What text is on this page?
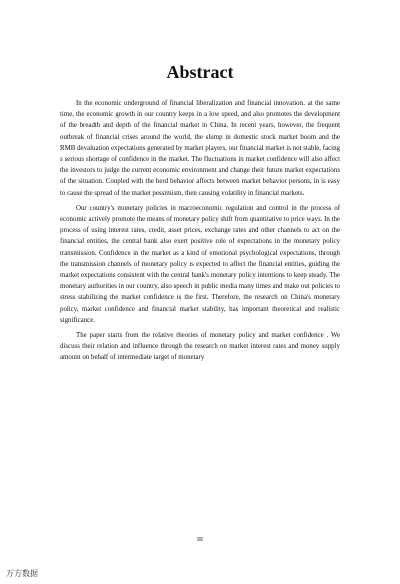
Abstract

In the economic underground of financial liberalization and financial innovation․ at the same time, the economic growth in our country keeps in a low speed, and also promotes the development of the breadth and depth of the financial market in China. In recent years, however, the frequent outbreak of financial crises around the world, the slump in domestic stock market boom and the RMB devaluation expectations generated by market players, our financial market is not stable, facing s serious shortage of confidence in the market. The fluctuations in market confidence will also affect the investors to judge the current economic environment and change their future market expectations of the situation. Coupled with the herd behavior affects between market behavior persons, in is easy to cause the spread of the market pessimism, then causing volatility in financial markets.

Our country's monetary policies in macroeconomic regulation and control in the process of economic actively promote the means of monetary policy shift from quantitative to price ways. In the process of using interest rates, credit, asset prices, exchange rates and other channels to act on the financial entities, the central bank also exert positive role of expectations in the monetary policy transmission. Confidence in the market as a kind of emotional psychological expectations, through the transmission channels of monetary policy is expected to affect the financial entities, guiding the market expectations consistent with the central bank's monetary policy intentions to keep steady. The monetary authorities in our country, also speech in public media many times and make out policies to stress stabilizing the market confidence is the first. Therefore, the research on China's monetary policy, market confidence and financial market stability, has important theoretical and realistic significance.

The paper starts from the relative theories of monetary policy and market confidence . We discuss their relation and influence through the research on market interest rates and money supply amount on behalf of intermediate target of monetary

III
万方数据
